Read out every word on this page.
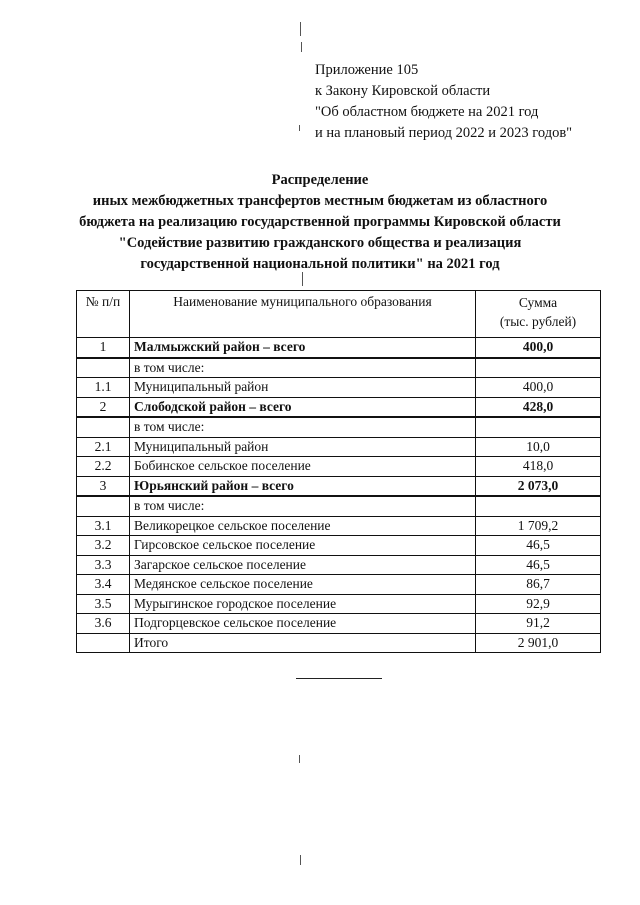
Приложение 105
к Закону Кировской области
"Об областном бюджете на 2021 год
и на плановый период 2022 и 2023 годов"
Распределение
иных межбюджетных трансфертов местным бюджетам из областного
бюджета на реализацию государственной программы Кировской области
"Содействие развитию гражданского общества и реализация
государственной национальной политики" на 2021 год
№ п/п	Наименование муниципального образования	Сумма
(тыс. рублей)

1	Малмыжский район – всего	400,0
	в том числе:	
1.1	Муниципальный район	400,0
2	Слободской район – всего	428,0
	в том числе:	
2.1	Муниципальный район	10,0
2.2	Бобинское сельское поселение	418,0
3	Юрьянский район – всего	2 073,0
	в том числе:	
3.1	Великорецкое сельское поселение	1 709,2
3.2	Гирсовское сельское поселение	46,5
3.3	Загарское сельское поселение	46,5
3.4	Медянское сельское поселение	86,7
3.5	Мурыгинское городское поселение	92,9
3.6	Подгорцевское сельское поселение	91,2
	Итого	2 901,0
